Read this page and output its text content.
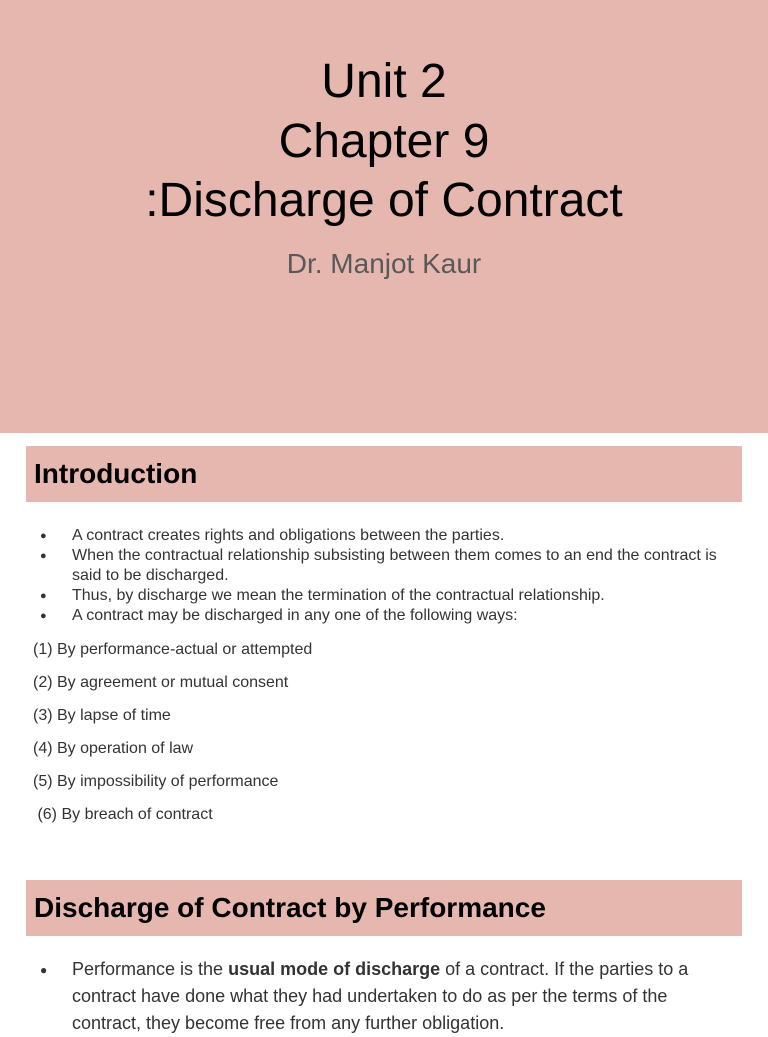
Unit 2
Chapter 9
:Discharge of Contract
Dr. Manjot Kaur
Introduction
● A contract creates rights and obligations between the parties.
● When the contractual relationship subsisting between them comes to an end the contract is said to be discharged.
● Thus, by discharge we mean the termination of the contractual relationship.
● A contract may be discharged in any one of the following ways:
(1) By performance-actual or attempted
(2) By agreement or mutual consent
(3) By lapse of time
(4) By operation of law
(5) By impossibility of performance
(6) By breach of contract
Discharge of Contract by Performance
● Performance is the usual mode of discharge of a contract. If the parties to a contract have done what they had undertaken to do as per the terms of the contract, they become free from any further obligation.
